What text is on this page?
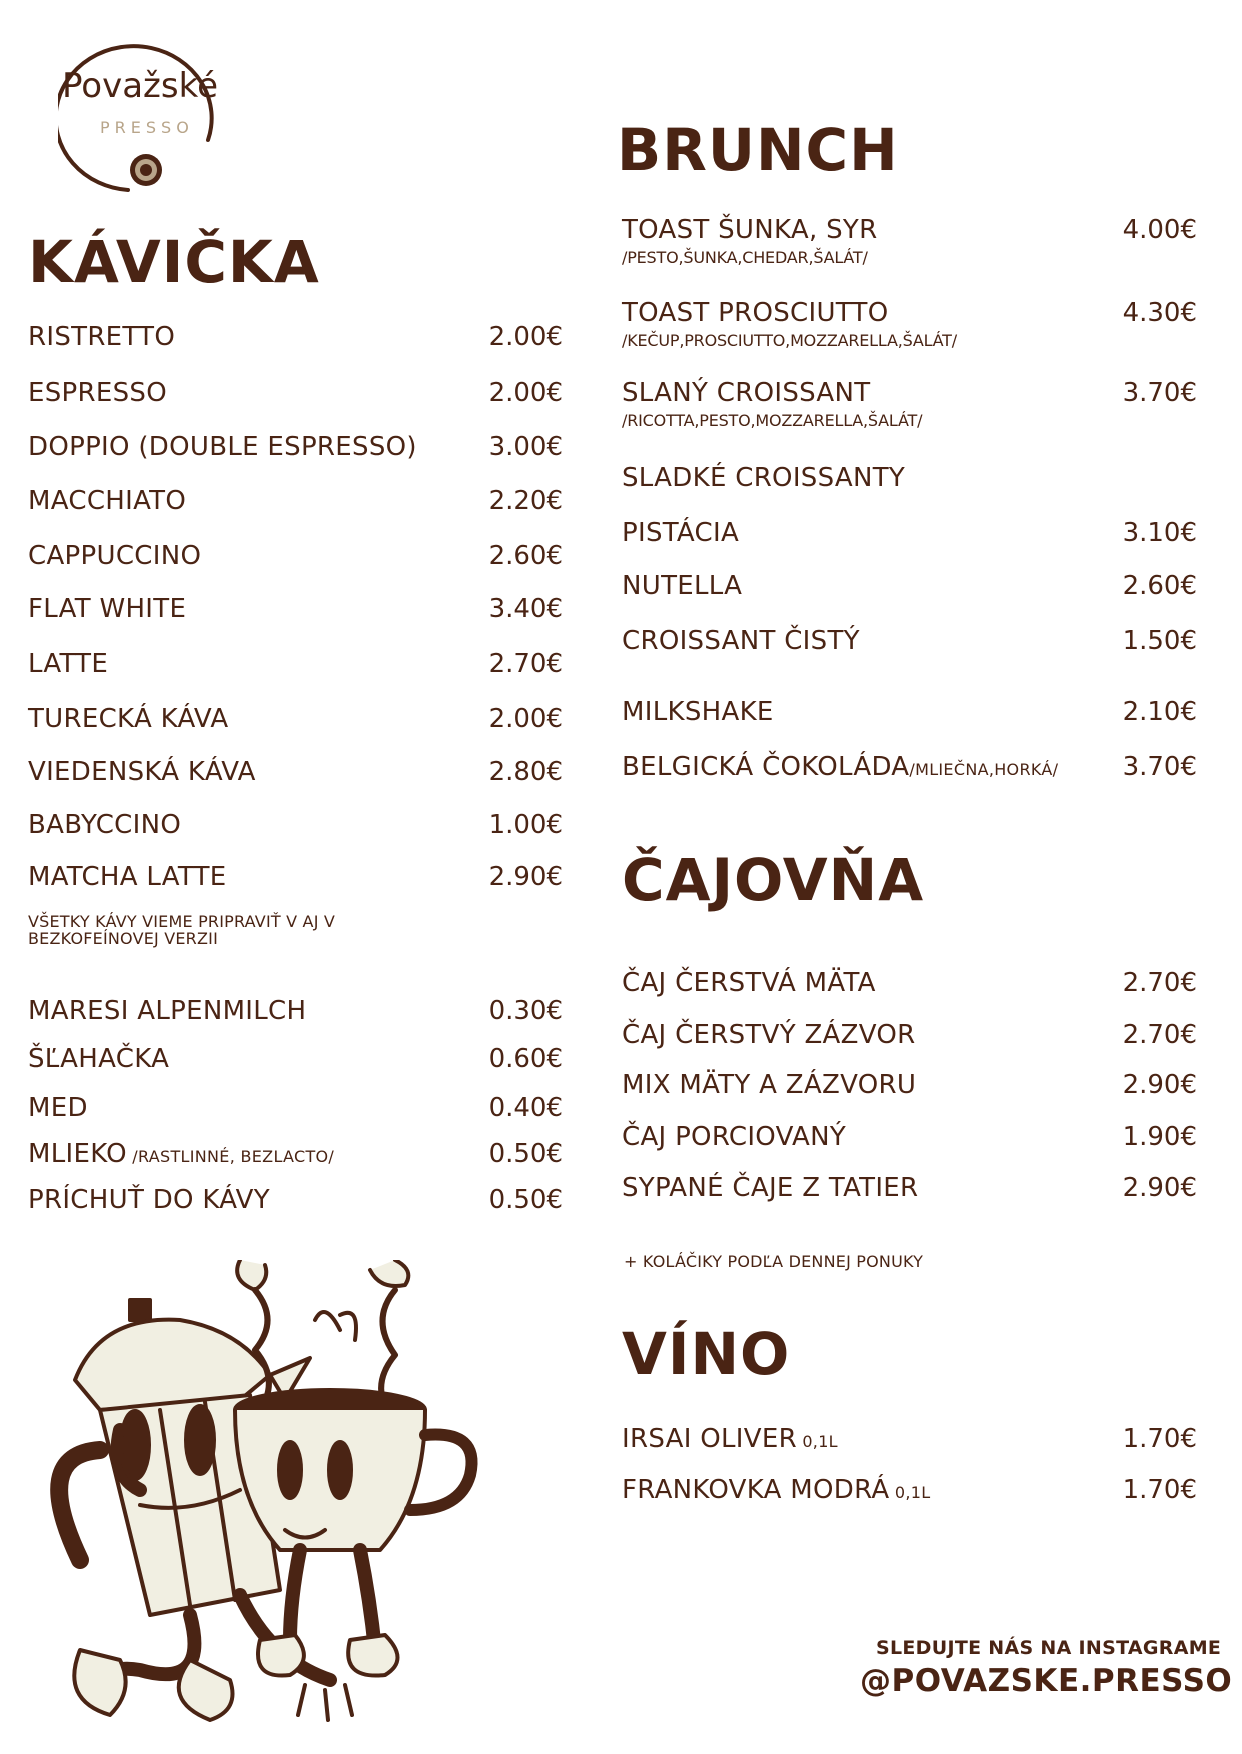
Považské
PRESSO
KÁVIČKA
RISTRETTO	2.00€
ESPRESSO	2.00€
DOPPIO (DOUBLE ESPRESSO)	3.00€
MACCHIATO	2.20€
CAPPUCCINO	2.60€
FLAT WHITE	3.40€
LATTE	2.70€
TURECKÁ KÁVA	2.00€
VIEDENSKÁ KÁVA	2.80€
BABYCCINO	1.00€
MATCHA LATTE	2.90€
VŠETKY KÁVY VIEME PRIPRAVIŤ V AJ V BEZKOFEÍNOVEJ VERZII
MARESI ALPENMILCH	0.30€
ŠĽAHAČKA	0.60€
MED	0.40€
MLIEKO /RASTLINNÉ, BEZLACTO/	0.50€
PRÍCHUŤ DO KÁVY	0.50€
BRUNCH
TOAST ŠUNKA, SYR	4.00€
/PESTO,ŠUNKA,CHEDAR,ŠALÁT/
TOAST PROSCIUTTO	4.30€
/KEČUP,PROSCIUTTO,MOZZARELLA,ŠALÁT/
SLANÝ CROISSANT	3.70€
/RICOTTA,PESTO,MOZZARELLA,ŠALÁT/
SLADKÉ CROISSANTY
PISTÁCIA	3.10€
NUTELLA	2.60€
CROISSANT ČISTÝ	1.50€
MILKSHAKE	2.10€
BELGICKÁ ČOKOLÁDA/MLIEČNA,HORKÁ/ 3.70€
ČAJOVŇA
ČAJ ČERSTVÁ MÄTA	2.70€
ČAJ ČERSTVÝ ZÁZVOR	2.70€
MIX MÄTY A ZÁZVORU	2.90€
ČAJ PORCIOVANÝ	1.90€
SYPANÉ ČAJE Z TATIER	2.90€
+ KOLÁČIKY PODĽA DENNEJ PONUKY
VÍNO
IRSAI OLIVER 0,1L	1.70€
FRANKOVKA MODRÁ 0,1L	1.70€
SLEDUJTE NÁS NA INSTAGRAME
@POVAZSKE.PRESSO
